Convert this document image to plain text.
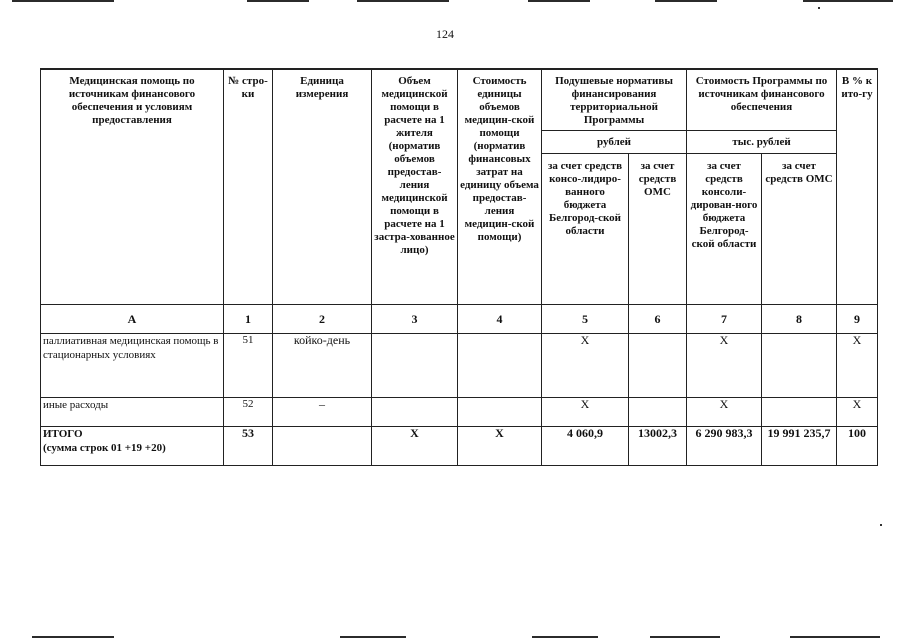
124
Медицинская помощь по источникам финансового обеспечения и условиям предоставления	№ стро-ки	Единица измерения	Объем медицинской помощи в расчете на 1 жителя (норматив объемов предостав-ления медицинской помощи в расчете на 1 застра-хованное лицо)	Стоимость единицы объемов медицин-ской помощи (норматив финансовых затрат на единицу объема предостав-ления медицин-ской помощи)	Подушевые нормативы финансирования территориальной Программы		Стоимость Программы по источникам финансового обеспечения		В % к ито-гу
					рублей		тыс. рублей		
					за счет средств консо-лидиро-ванного бюджета Белгород-ской области	за счет средств ОМС	за счет средств консоли-дирован-ного бюджета Белгород-ской области	за счет средств ОМС	
А	1	2	3	4	5	6	7	8	9
паллиативная медицинская помощь в стационарных условиях	51	койко-день			Х		Х		Х
иные расходы	52	–			Х		Х		Х
ИТОГО
(сумма строк 01 +19 +20)	53		Х	Х	4 060,9	13002,3	6 290 983,3	19 991 235,7	100
